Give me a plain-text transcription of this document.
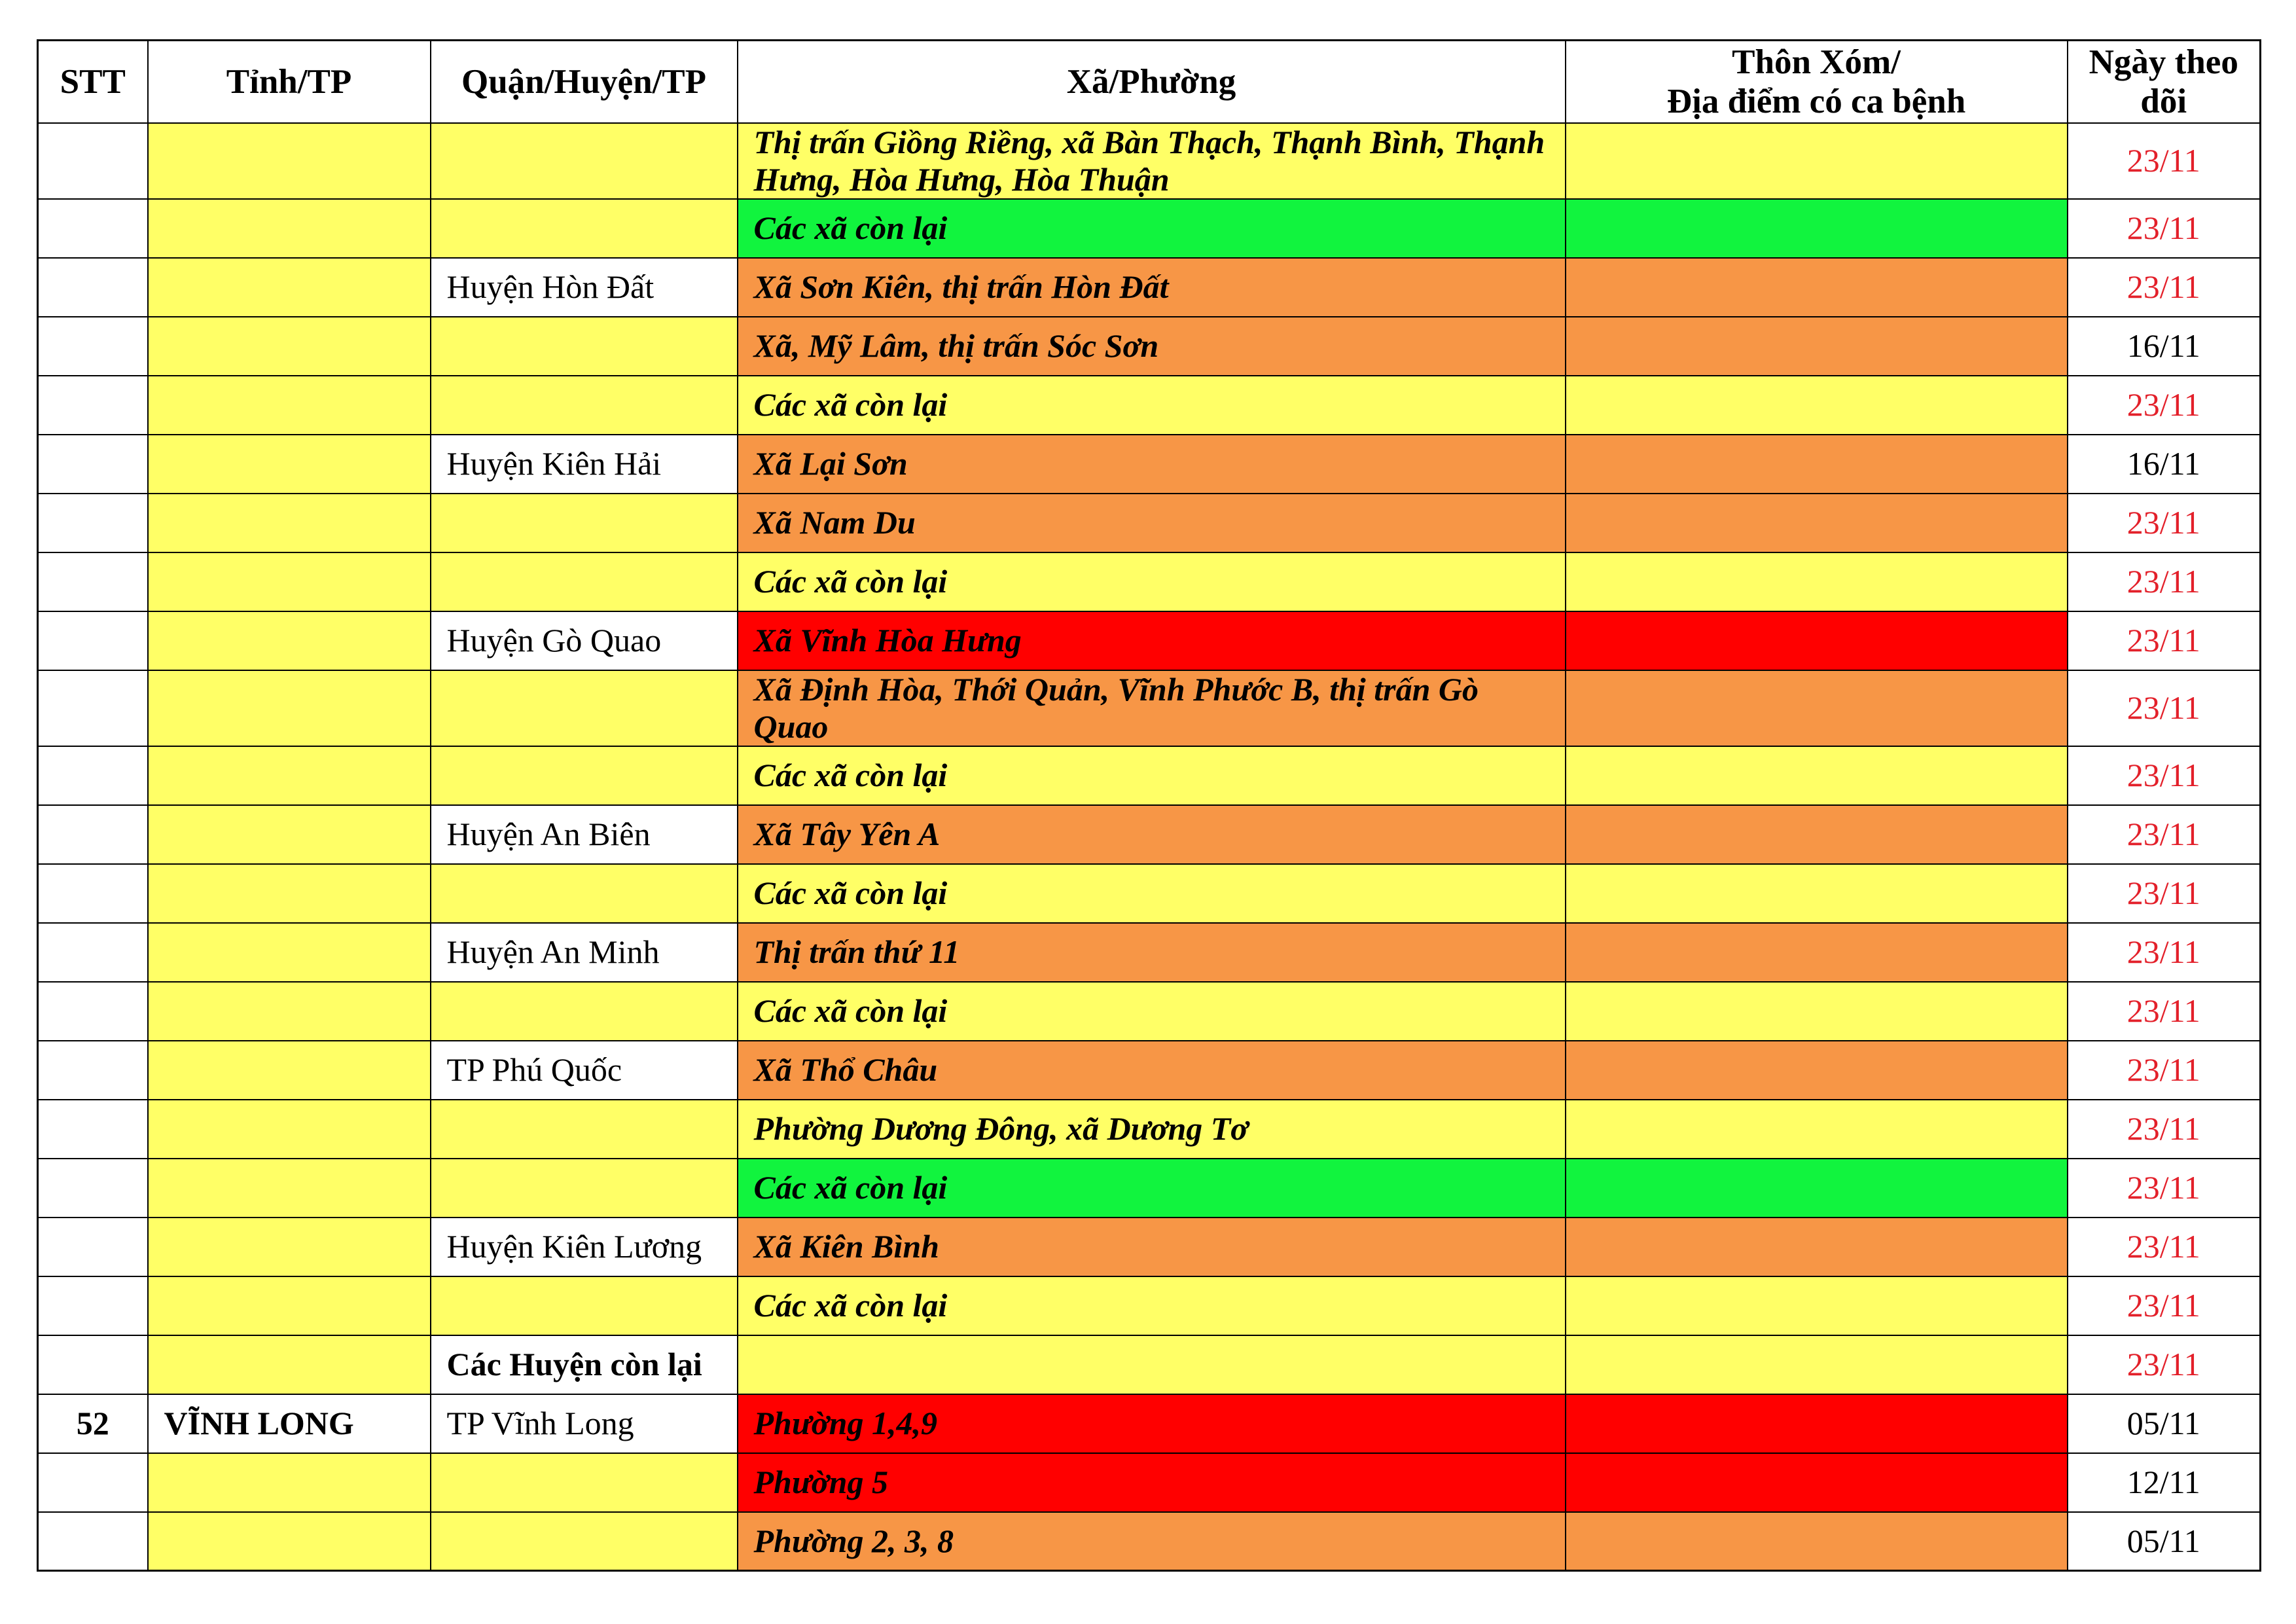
STT	Tỉnh/TP	Quận/Huyện/TP	Xã/Phường	Thôn Xóm/
Địa điểm có ca bệnh	Ngày theo dõi
			Thị trấn Giồng Riềng, xã Bàn Thạch, Thạnh Bình, Thạnh Hưng, Hòa Hưng, Hòa Thuận		23/11
			Các xã còn lại		23/11
		Huyện Hòn Đất	Xã Sơn Kiên, thị trấn Hòn Đất		23/11
			Xã, Mỹ Lâm, thị trấn Sóc Sơn		16/11
			Các xã còn lại		23/11
		Huyện Kiên Hải	Xã Lại Sơn		16/11
			Xã Nam Du		23/11
			Các xã còn lại		23/11
		Huyện Gò Quao	Xã Vĩnh Hòa Hưng		23/11
			Xã Định Hòa, Thới Quản, Vĩnh Phước B, thị trấn Gò Quao		23/11
			Các xã còn lại		23/11
		Huyện An Biên	Xã Tây Yên A		23/11
			Các xã còn lại		23/11
		Huyện An Minh	Thị trấn thứ 11		23/11
			Các xã còn lại		23/11
		TP Phú Quốc	Xã Thổ Châu		23/11
			Phường Dương Đông, xã Dương Tơ		23/11
			Các xã còn lại		23/11
		Huyện Kiên Lương	Xã Kiên Bình		23/11
			Các xã còn lại		23/11
		Các Huyện còn lại			23/11
52	VĨNH LONG	TP Vĩnh Long	Phường 1,4,9		05/11
			Phường 5		12/11
			Phường 2, 3, 8		05/11
